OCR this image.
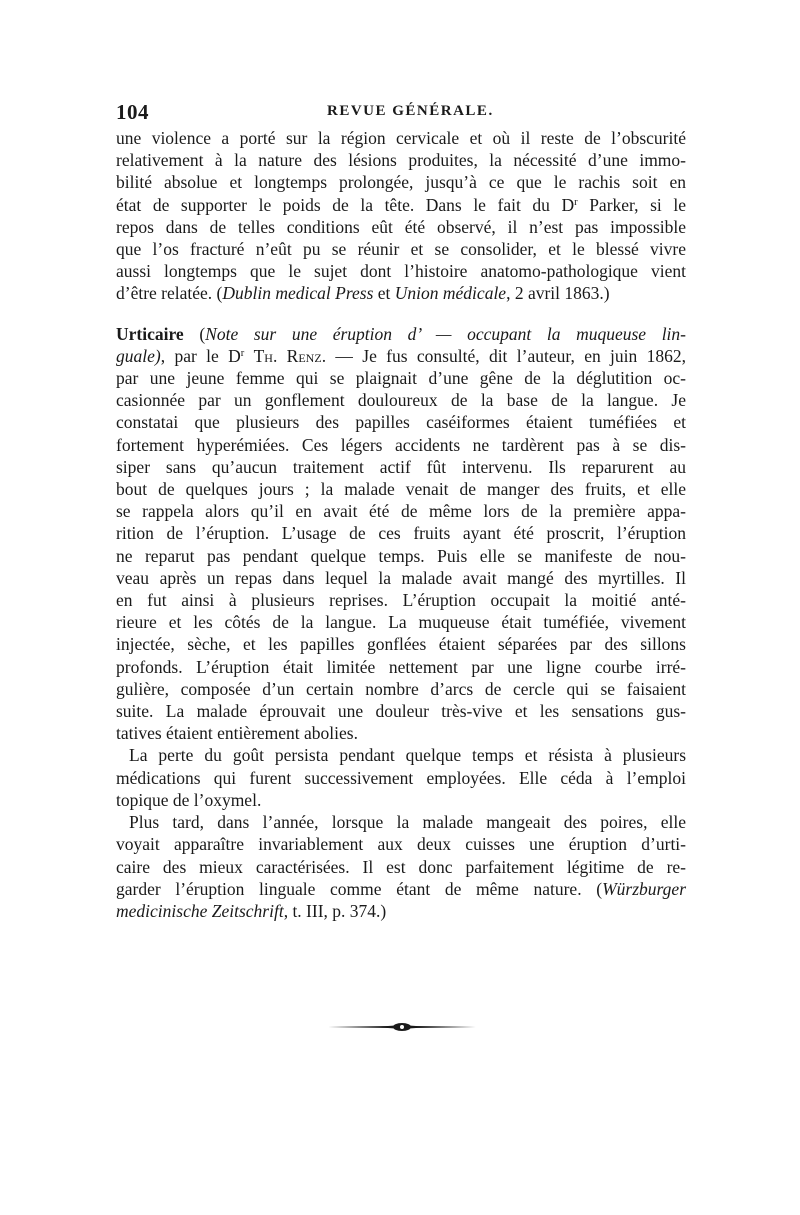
104	REVUE GÉNÉRALE.
une violence a porté sur la région cervicale et où il reste de l’obscurité
relativement à la nature des lésions produites, la nécessité d’une immo-
bilité absolue et longtemps prolongée, jusqu’à ce que le rachis soit en
état de supporter le poids de la tête. Dans le fait du $D^r$ Parker, si le
repos dans de telles conditions eût été observé, il n’est pas impossible
que l’os fracturé n’eût pu se réunir et se consolider, et le blessé vivre
aussi longtemps que le sujet dont l’histoire anatomo-pathologique vient
d’être relatée. (Dublin medical Press et Union médicale, 2 avril 1863.)
Urticaire (Note sur une éruption d’ — occupant la muqueuse lin-
guale), par le $D^r$ Th. Renz. — Je fus consulté, dit l’auteur, en juin 1862,
par une jeune femme qui se plaignait d’une gêne de la déglutition oc-
casionnée par un gonflement douloureux de la base de la langue. Je
constatai que plusieurs des papilles caséiformes étaient tuméfiées et
fortement hyperémiées. Ces légers accidents ne tardèrent pas à se dis-
siper sans qu’aucun traitement actif fût intervenu. Ils reparurent au
bout de quelques jours ; la malade venait de manger des fruits, et elle
se rappela alors qu’il en avait été de même lors de la première appa-
rition de l’éruption. L’usage de ces fruits ayant été proscrit, l’éruption
ne reparut pas pendant quelque temps. Puis elle se manifeste de nou-
veau après un repas dans lequel la malade avait mangé des myrtilles. Il
en fut ainsi à plusieurs reprises. L’éruption occupait la moitié anté-
rieure et les côtés de la langue. La muqueuse était tuméfiée, vivement
injectée, sèche, et les papilles gonflées étaient séparées par des sillons
profonds. L’éruption était limitée nettement par une ligne courbe irré-
gulière, composée d’un certain nombre d’arcs de cercle qui se faisaient
suite. La malade éprouvait une douleur très-vive et les sensations gus-
tatives étaient entièrement abolies.
La perte du goût persista pendant quelque temps et résista à plusieurs
médications qui furent successivement employées. Elle céda à l’emploi
topique de l’oxymel.
Plus tard, dans l’année, lorsque la malade mangeait des poires, elle
voyait apparaître invariablement aux deux cuisses une éruption d’urti-
caire des mieux caractérisées. Il est donc parfaitement légitime de re-
garder l’éruption linguale comme étant de même nature. (Würzburger
medicinische Zeitschrift, t. III, p. 374.)
